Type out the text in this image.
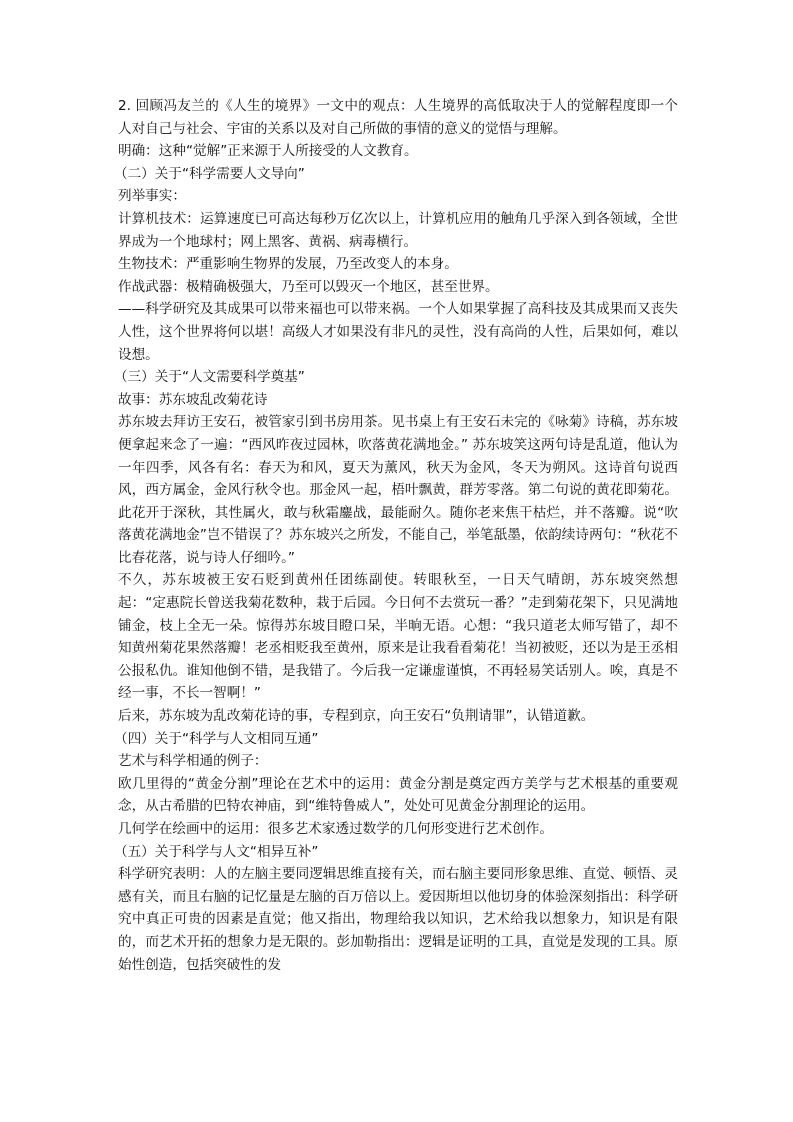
2. 回顾冯友兰的《人生的境界》一文中的观点：人生境界的高低取决于人的觉解程度即一个人对自己与社会、宇宙的关系以及对自己所做的事情的意义的觉悟与理解。

明确：这种“觉解”正来源于人所接受的人文教育。

（二）关于“科学需要人文导向”

列举事实：

计算机技术：运算速度已可高达每秒万亿次以上，计算机应用的触角几乎深入到各领域，全世界成为一个地球村；网上黑客、黄祸、病毒横行。

生物技术：严重影响生物界的发展，乃至改变人的本身。

作战武器：极精确极强大，乃至可以毁灭一个地区，甚至世界。

——科学研究及其成果可以带来福也可以带来祸。一个人如果掌握了高科技及其成果而又丧失人性，这个世界将何以堪！高级人才如果没有非凡的灵性，没有高尚的人性，后果如何，难以设想。

（三）关于“人文需要科学奠基”

故事：苏东坡乱改菊花诗

苏东坡去拜访王安石，被管家引到书房用茶。见书桌上有王安石未完的《咏菊》诗稿，苏东坡便拿起来念了一遍：“西风昨夜过园林，吹落黄花满地金。” 苏东坡笑这两句诗是乱道，他认为一年四季，风各有名：春天为和风，夏天为薰风，秋天为金风，冬天为朔风。这诗首句说西风，西方属金，金风行秋令也。那金风一起，梧叶飘黄，群芳零落。第二句说的黄花即菊花。此花开于深秋，其性属火，敢与秋霜鏖战，最能耐久。随你老来焦干枯烂，并不落瓣。说“吹落黄花满地金”岂不错误了？苏东坡兴之所发，不能自己，举笔舐墨，依韵续诗两句：“秋花不比春花落，说与诗人仔细吟。”

不久，苏东坡被王安石贬到黄州任团练副使。转眼秋至，一日天气晴朗，苏东坡突然想起：“定惠院长曾送我菊花数种，栽于后园。今日何不去赏玩一番？”走到菊花架下，只见满地铺金，枝上全无一朵。惊得苏东坡目瞪口呆，半晌无语。心想：“我只道老太师写错了，却不知黄州菊花果然落瓣！老丞相贬我至黄州，原来是让我看看菊花！当初被贬，还以为是王丞相公报私仇。谁知他倒不错，是我错了。今后我一定谦虚谨慎，不再轻易笑话别人。唉，真是不经一事，不长一智啊！”

后来，苏东坡为乱改菊花诗的事，专程到京，向王安石“负荆请罪”，认错道歉。

（四）关于“科学与人文相同互通”

艺术与科学相通的例子：

欧几里得的“黄金分割”理论在艺术中的运用：黄金分割是奠定西方美学与艺术根基的重要观念，从古希腊的巴特农神庙，到“维特鲁威人”，处处可见黄金分割理论的运用。

几何学在绘画中的运用：很多艺术家透过数学的几何形变进行艺术创作。

（五）关于科学与人文“相异互补”

科学研究表明：人的左脑主要同逻辑思维直接有关，而右脑主要同形象思维、直觉、顿悟、灵感有关，而且右脑的记忆量是左脑的百万倍以上。爱因斯坦以他切身的体验深刻指出：科学研究中真正可贵的因素是直觉；他又指出，物理给我以知识，艺术给我以想象力，知识是有限的，而艺术开拓的想象力是无限的。彭加勒指出：逻辑是证明的工具，直觉是发现的工具。原始性创造，包括突破性的发
